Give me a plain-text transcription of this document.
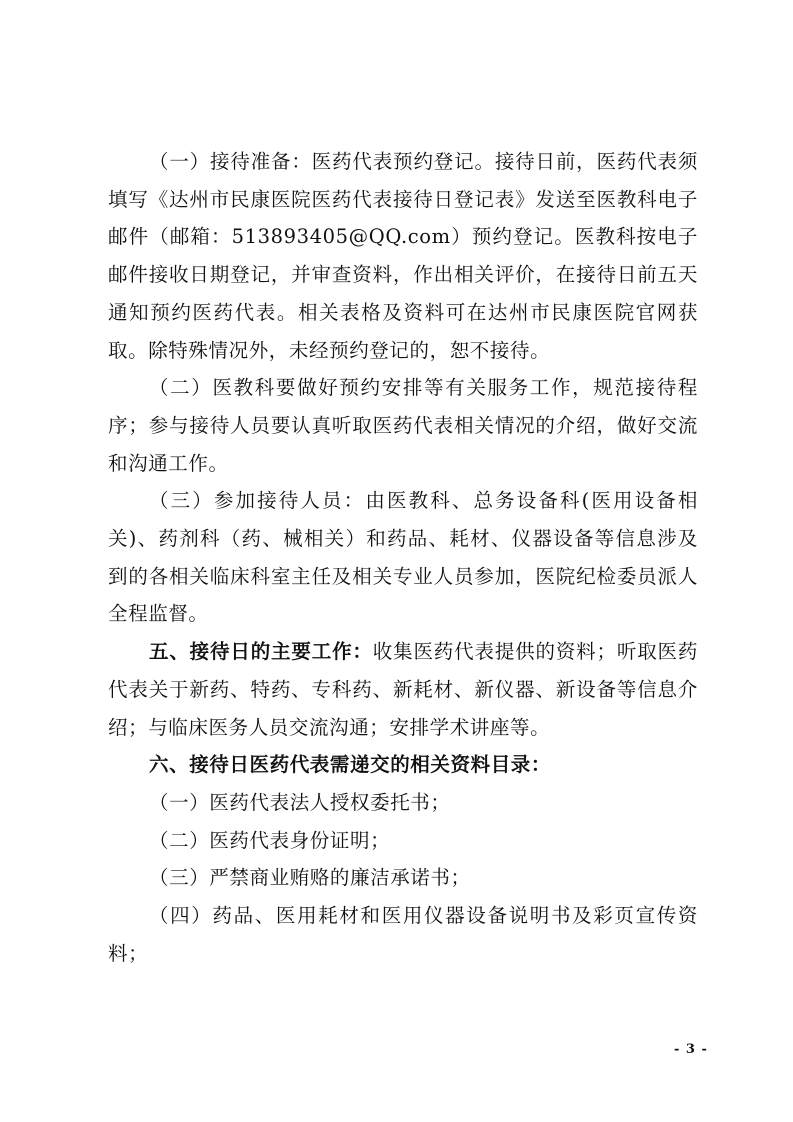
（一）接待准备：医药代表预约登记。接待日前，医药代表须填写《达州市民康医院医药代表接待日登记表》发送至医教科电子邮件（邮箱：513893405@QQ.com）预约登记。医教科按电子邮件接收日期登记，并审查资料，作出相关评价，在接待日前五天通知预约医药代表。相关表格及资料可在达州市民康医院官网获取。除特殊情况外，未经预约登记的，恕不接待。

（二）医教科要做好预约安排等有关服务工作，规范接待程序；参与接待人员要认真听取医药代表相关情况的介绍，做好交流和沟通工作。

（三）参加接待人员：由医教科、总务设备科(医用设备相关)、药剂科（药、械相关）和药品、耗材、仪器设备等信息涉及到的各相关临床科室主任及相关专业人员参加，医院纪检委员派人全程监督。

五、接待日的主要工作：收集医药代表提供的资料；听取医药代表关于新药、特药、专科药、新耗材、新仪器、新设备等信息介绍；与临床医务人员交流沟通；安排学术讲座等。

六、接待日医药代表需递交的相关资料目录：

（一）医药代表法人授权委托书；

（二）医药代表身份证明；

（三）严禁商业贿赂的廉洁承诺书；

（四）药品、医用耗材和医用仪器设备说明书及彩页宣传资料；

- 3 -
